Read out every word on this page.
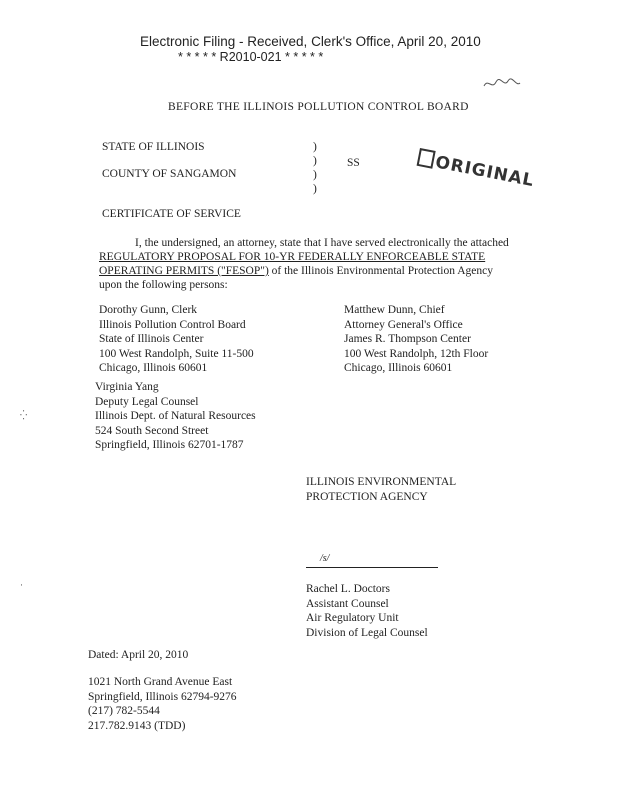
Electronic Filing - Received, Clerk's Office, April 20, 2010
* * * * * R2010-021 * * * * *
BEFORE THE ILLINOIS POLLUTION CONTROL BOARD
STATE OF ILLINOIS
COUNTY OF SANGAMON
)
)
)
)
SS	ORIGINAL
CERTIFICATE OF SERVICE
I, the undersigned, an attorney, state that I have served electronically the attached
REGULATORY PROPOSAL FOR 10-YR FEDERALLY ENFORCEABLE STATE
OPERATING PERMITS ("FESOP") of the Illinois Environmental Protection Agency
upon the following persons:
Dorothy Gunn, Clerk
Illinois Pollution Control Board
State of Illinois Center
100 West Randolph, Suite 11-500
Chicago, Illinois 60601
Matthew Dunn, Chief
Attorney General's Office
James R. Thompson Center
100 West Randolph, 12th Floor
Chicago, Illinois 60601
Virginia Yang
Deputy Legal Counsel
Illinois Dept. of Natural Resources
524 South Second Street
Springfield, Illinois 62701-1787
⁛
·
ILLINOIS ENVIRONMENTAL
PROTECTION AGENCY
/s/
Rachel L. Doctors
Assistant Counsel
Air Regulatory Unit
Division of Legal Counsel
Dated: April 20, 2010
1021 North Grand Avenue East
Springfield, Illinois 62794-9276
(217) 782-5544
217.782.9143 (TDD)
